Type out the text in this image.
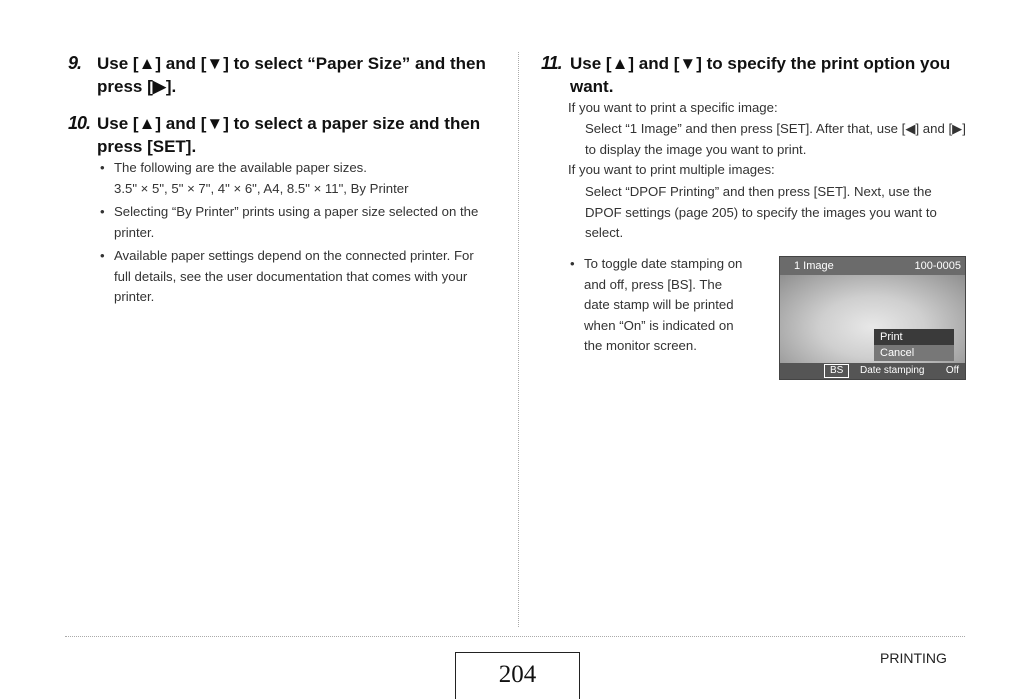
9. Use [▲] and [▼] to select “Paper Size” and then press [▶].
10. Use [▲] and [▼] to select a paper size and then press [SET].
• The following are the available paper sizes.
3.5" × 5", 5" × 7", 4" × 6", A4, 8.5" × 11", By Printer
• Selecting “By Printer” prints using a paper size selected on the printer.
• Available paper settings depend on the connected printer. For full details, see the user documentation that comes with your printer.
11. Use [▲] and [▼] to specify the print option you want.
If you want to print a specific image:
Select “1 Image” and then press [SET]. After that, use [◀] and [▶] to display the image you want to print.
If you want to print multiple images:
Select “DPOF Printing” and then press [SET]. Next, use the DPOF settings (page 205) to specify the images you want to select.
• To toggle date stamping on and off, press [BS]. The date stamp will be printed when “On” is indicated on the monitor screen.
1 Image	100-0005
Print
Cancel
BS	Date stamping Off
204
PRINTING
